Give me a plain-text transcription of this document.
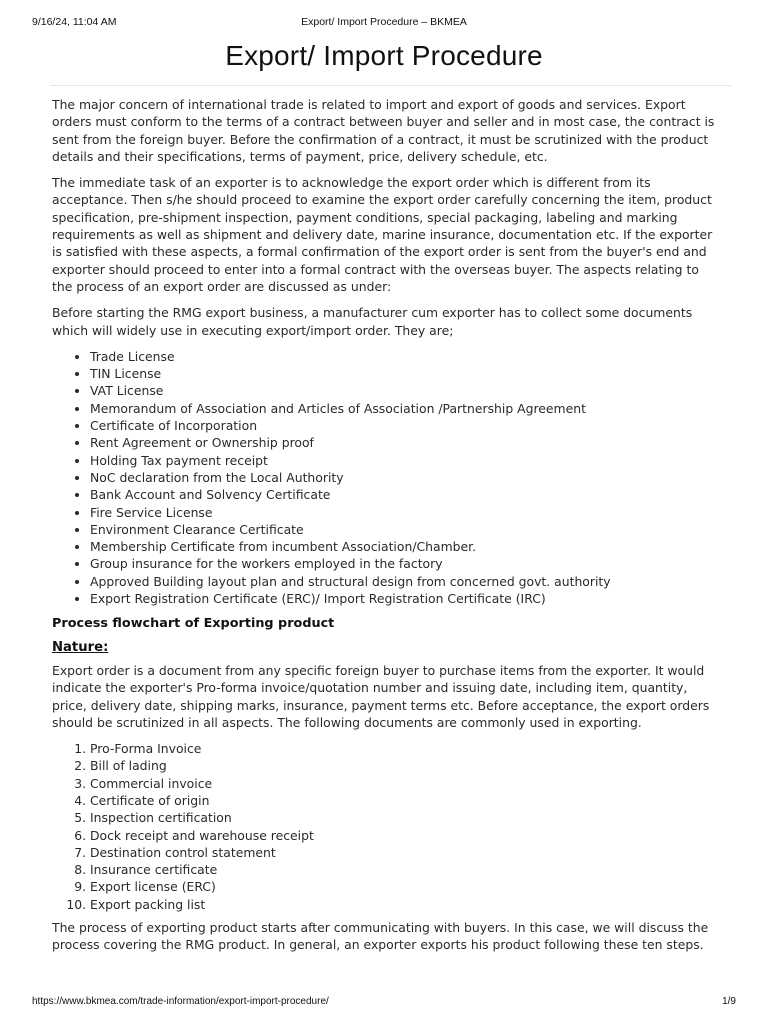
9/16/24, 11:04 AM	Export/ Import Procedure – BKMEA
Export/ Import Procedure

The major concern of international trade is related to import and export of goods and services. Export orders must conform to the terms of a contract between buyer and seller and in most case, the contract is sent from the foreign buyer. Before the confirmation of a contract, it must be scrutinized with the product details and their specifications, terms of payment, price, delivery schedule, etc.

The immediate task of an exporter is to acknowledge the export order which is different from its acceptance. Then s/he should proceed to examine the export order carefully concerning the item, product specification, pre-shipment inspection, payment conditions, special packaging, labeling and marking requirements as well as shipment and delivery date, marine insurance, documentation etc. If the exporter is satisfied with these aspects, a formal confirmation of the export order is sent from the buyer's end and exporter should proceed to enter into a formal contract with the overseas buyer. The aspects relating to the process of an export order are discussed as under:

Before starting the RMG export business, a manufacturer cum exporter has to collect some documents which will widely use in executing export/import order. They are;

• Trade License
• TIN License
• VAT License
• Memorandum of Association and Articles of Association /Partnership Agreement
• Certificate of Incorporation
• Rent Agreement or Ownership proof
• Holding Tax payment receipt
• NoC declaration from the Local Authority
• Bank Account and Solvency Certificate
• Fire Service License
• Environment Clearance Certificate
• Membership Certificate from incumbent Association/Chamber.
• Group insurance for the workers employed in the factory
• Approved Building layout plan and structural design from concerned govt. authority
• Export Registration Certificate (ERC)/ Import Registration Certificate (IRC)
Process flowchart of Exporting product
Nature:

Export order is a document from any specific foreign buyer to purchase items from the exporter. It would indicate the exporter's Pro-forma invoice/quotation number and issuing date, including item, quantity, price, delivery date, shipping marks, insurance, payment terms etc. Before acceptance, the export orders should be scrutinized in all aspects. The following documents are commonly used in exporting.

1. Pro-Forma Invoice
2. Bill of lading
3. Commercial invoice
4. Certificate of origin
5. Inspection certification
6. Dock receipt and warehouse receipt
7. Destination control statement
8. Insurance certificate
9. Export license (ERC)
10. Export packing list

The process of exporting product starts after communicating with buyers. In this case, we will discuss the process covering the RMG product. In general, an exporter exports his product following these ten steps.

https://www.bkmea.com/trade-information/export-import-procedure/	1/9
